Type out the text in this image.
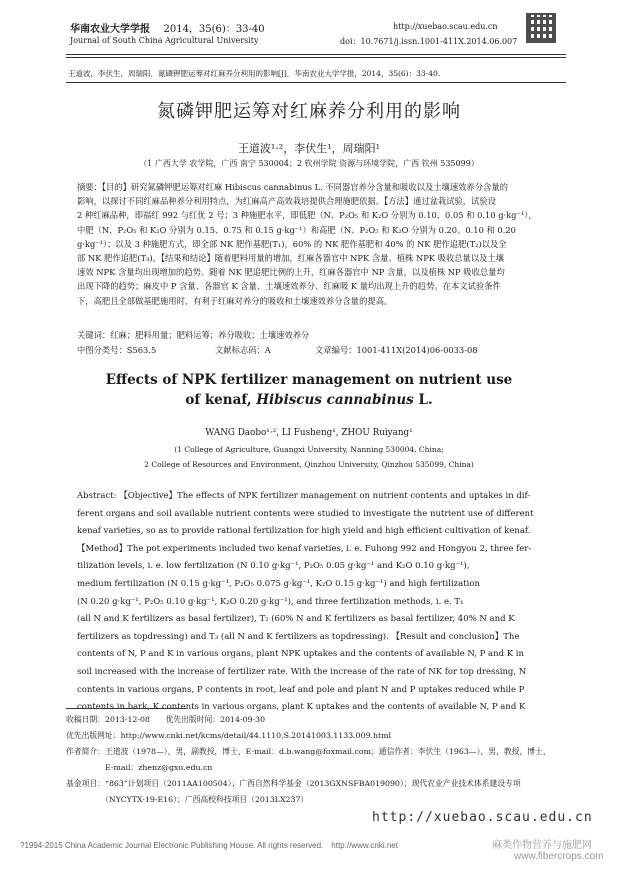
华南农业大学学报 2014，35(6)：33-40
Journal of South China Agricultural University
http://xuebao.scau.edu.cn
doi：10.7671/j.issn.1001-411X.2014.06.007
王道波，李伏生，周瑞阳．氮磷钾肥运筹对红麻养分利用的影响[J]．华南农业大学学报，2014，35(6)：33-40.
氮磷钾肥运筹对红麻养分利用的影响
王道波¹·²，李伏生¹，周瑞阳¹
（1 广西大学 农学院，广西 南宁 530004；2 钦州学院 资源与环境学院，广西 钦州 535099）
摘要：【目的】研究氮磷钾肥运筹对红麻 Hibiscus cannabinus L. 不同器官养分含量和吸收以及土壤速效养分含量的
影响，以探讨不同红麻品种养分利用特点，为红麻高产高效栽培提供合理施肥依据。【方法】通过盆栽试验，试验设
2 种红麻品种，即福红 992 与红优 2 号；3 种施肥水平，即低肥（N、P₂O₅ 和 K₂O 分别为 0.10、0.05 和 0.10 g·kg⁻¹），
中肥（N、P₂O₅ 和 K₂O 分别为 0.15、0.75 和 0.15 g·kg⁻¹）和高肥（N、P₂O₅ 和 K₂O 分别为 0.20、0.10 和 0.20
g·kg⁻¹）；以及 3 种施肥方式，即全部 NK 肥作基肥(T₁)，60% 的 NK 肥作基肥和 40% 的 NK 肥作追肥(T₂)以及全
部 NK 肥作追肥(T₃)。【结果和结论】随着肥料用量的增加，红麻各器官中 NPK 含量、植株 NPK 吸收总量以及土壤
速效 NPK 含量均出现增加的趋势。随着 NK 肥追肥比例的上升，红麻各器官中 NP 含量，以及植株 NP 吸收总量均
出现下降的趋势；麻皮中 P 含量、各器官 K 含量、土壤速效养分、红麻吸 K 量均出现上升的趋势。在本文试验条件
下，高肥且全部做基肥施用时，有利于红麻对养分的吸收和土壤速效养分含量的提高。
关键词：红麻；肥料用量；肥料运筹；养分吸收；土壤速效养分
中图分类号：S563.5	文献标志码：A	文章编号：1001-411X(2014)06-0033-08
Effects of NPK fertilizer management on nutrient use
of kenaf, Hibiscus cannabinus L.
WANG Daobo¹·², LI Fusheng¹, ZHOU Ruiyang¹
(1 College of Agriculture, Guangxi University, Nanning 530004, China;
2 College of Resources and Environment, Qinzhou University, Qinzhou 535099, China)
Abstract: 【Objective】The effects of NPK fertilizer management on nutrient contents and uptakes in dif-
ferent organs and soil available nutrient contents were studied to investigate the nutrient use of different
kenaf varieties, so as to provide rational fertilization for high yield and high efficient cultivation of kenaf.
【Method】The pot experiments included two kenaf varieties, i. e. Fuhong 992 and Hongyou 2, three fer-
tilization levels, i. e. low fertilization (N 0.10 g·kg⁻¹, P₂O₅ 0.05 g·kg⁻¹ and K₂O 0.10 g·kg⁻¹),
medium fertilization (N 0.15 g·kg⁻¹, P₂O₅ 0.075 g·kg⁻¹, K₂O 0.15 g·kg⁻¹) and high fertilization
(N 0.20 g·kg⁻¹, P₂O₅ 0.10 g·kg⁻¹, K₂O 0.20 g·kg⁻¹), and three fertilization methods, i. e. T₁
(all N and K fertilizers as basal fertilizer), T₂ (60% N and K fertilizers as basal fertilizer, 40% N and K
fertilizers as topdressing) and T₃ (all N and K fertilizers as topdressing). 【Result and conclusion】The
contents of N, P and K in various organs, plant NPK uptakes and the contents of available N, P and K in
soil increased with the increase of fertilizer rate. With the increase of the rate of NK for top dressing, N
contents in various organs, P contents in root, leaf and pole and plant N and P uptakes reduced while P
contents in bark, K contents in various organs, plant K uptakes and the contents of available N, P and K
收稿日期：2013-12-08　　优先出版时间：2014-09-30
优先出版网址：http://www.cnki.net/kcms/detail/44.1110.S.20141003.1133.009.html
作者简介：王道波（1978—），男，副教授，博士，E-mail：d.b.wang@foxmail.com；通信作者：李伏生（1963—），男，教授，博士，
　　　　　E-mail：zhenz@gxu.edu.cn
基金项目：“863”计划项目（2011AA100504）；广西自然科学基金（2013GXNSFBA019090）；现代农业产业技术体系建设专项
　　　　　（NYCYTX-19-E16）；广西高校科技项目（2013LX237）
http://xuebao.scau.edu.cn
?1994-2015 China Academic Journal Electronic Publishing House. All rights reserved.　http://www.cnki.net	麻类作物营养与施肥网
www.fibercrops.com
